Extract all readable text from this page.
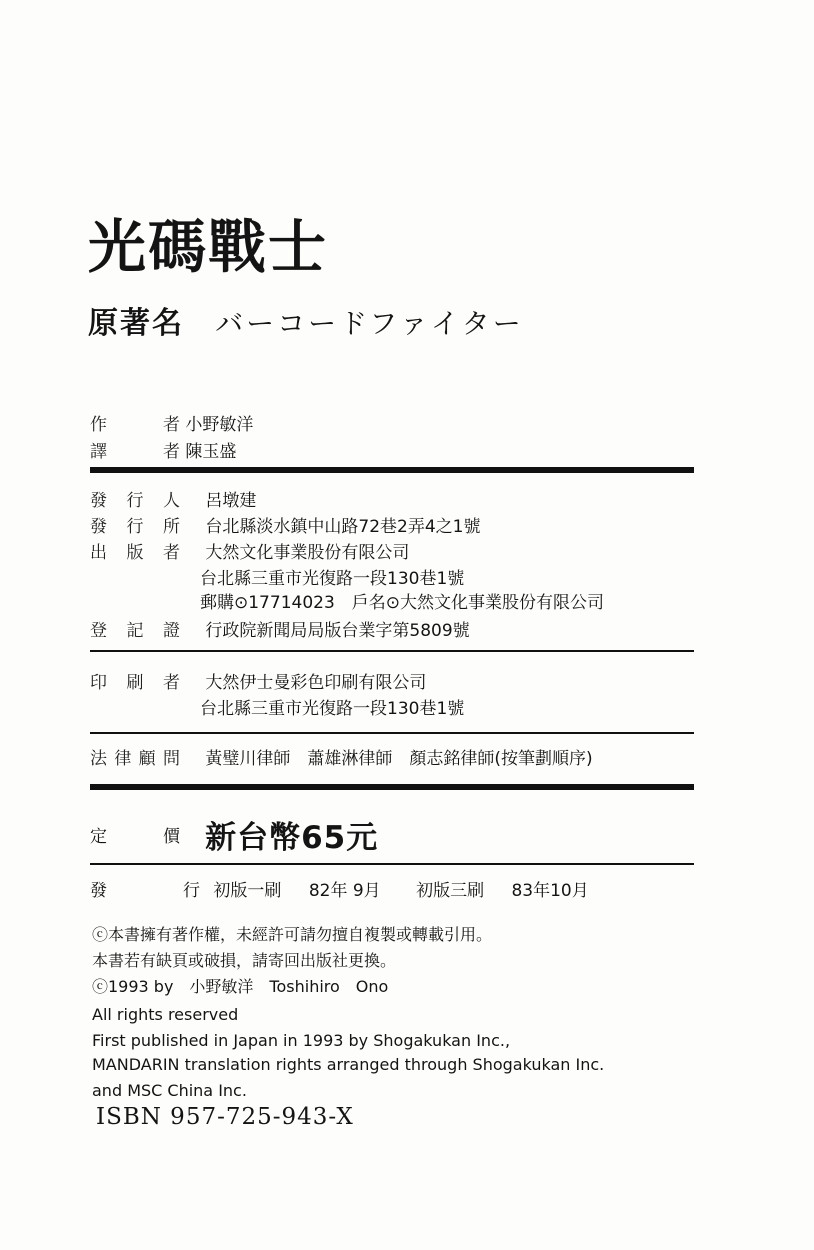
光碼戰士
原著名 バーコードファイター
作者 小野敏洋
譯者 陳玉盛
發行人 呂墩建
發行所 台北縣淡水鎮中山路72巷2弄4之1號
出版者 大然文化事業股份有限公司
台北縣三重市光復路一段130巷1號
郵購⊙17714023　戶名⊙大然文化事業股份有限公司
登記證 行政院新聞局局版台業字第5809號
印刷者 大然伊士曼彩色印刷有限公司
台北縣三重市光復路一段130巷1號
法律顧問 黃璧川律師　蕭雄淋律師　顏志銘律師(按筆劃順序)
定價 新台幣65元
發行 初版一刷 82年 9月 初版三刷 83年10月
ⓒ本書擁有著作權，未經許可請勿擅自複製或轉載引用。
本書若有缺頁或破損，請寄回出版社更換。
ⓒ1993 by　小野敏洋　Toshihiro　Ono
All rights reserved
First published in Japan in 1993 by Shogakukan Inc.,
MANDARIN translation rights arranged through Shogakukan Inc.
and MSC China Inc.
ISBN 957-725-943-X
